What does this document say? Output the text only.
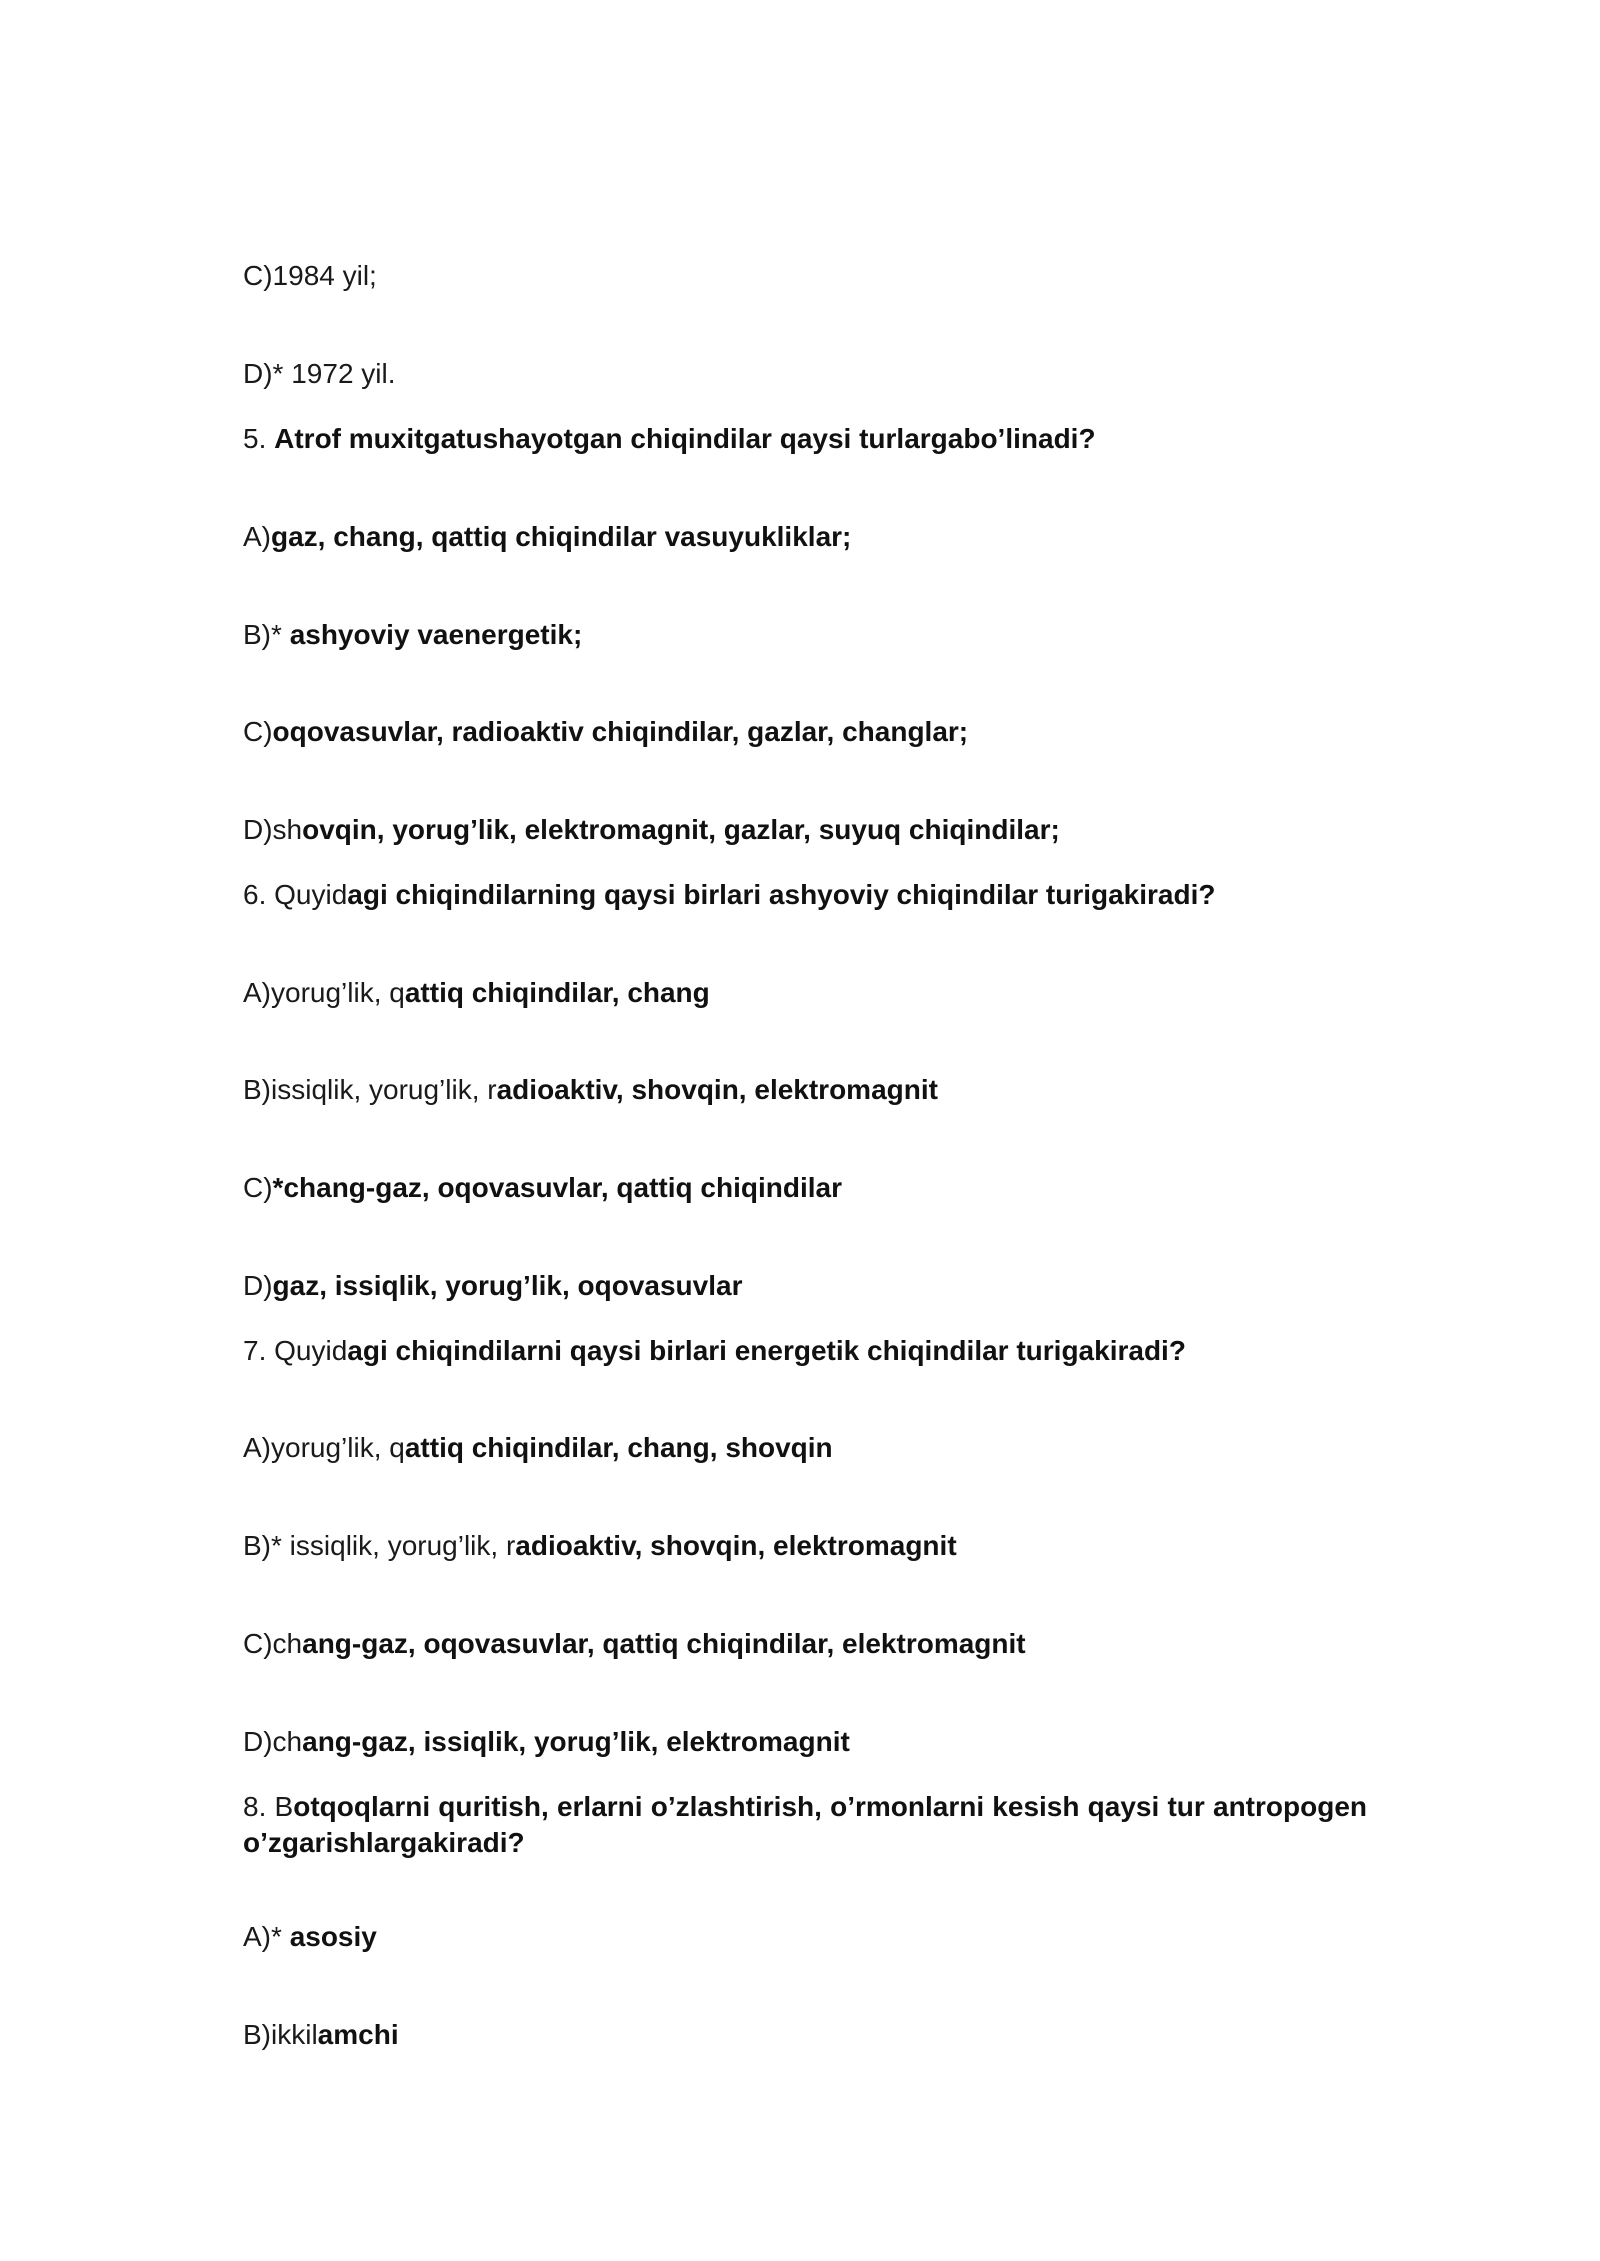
C)1984 yil;
D)* 1972 yil.
5. Atrof muxitgatushayotgan chiqindilar qaysi turlargabo’linadi?
A)gaz, chang, qattiq chiqindilar vasuyukliklar;
B)* ashyoviy vaenergetik;
C)oqovasuvlar, radioaktiv chiqindilar, gazlar, changlar;
D)shovqin, yorug’lik, elektromagnit, gazlar, suyuq chiqindilar;
6. Quyidagi chiqindilarning qaysi birlari ashyoviy chiqindilar turigakiradi?
A)yorug’lik, qattiq chiqindilar, chang
B)issiqlik, yorug’lik, radioaktiv, shovqin, elektromagnit
C)*chang-gaz, oqovasuvlar, qattiq chiqindilar
D)gaz, issiqlik, yorug’lik, oqovasuvlar
7. Quyidagi chiqindilarni qaysi birlari energetik chiqindilar turigakiradi?
A)yorug’lik, qattiq chiqindilar, chang, shovqin
B)* issiqlik, yorug’lik, radioaktiv, shovqin, elektromagnit
C)chang-gaz, oqovasuvlar, qattiq chiqindilar, elektromagnit
D)chang-gaz, issiqlik, yorug’lik, elektromagnit
8. Botqoqlarni quritish, erlarni o’zlashtirish, o’rmonlarni kesish qaysi tur antropogen o’zgarishlargakiradi?
A)* asosiy
B)ikkilamchi
